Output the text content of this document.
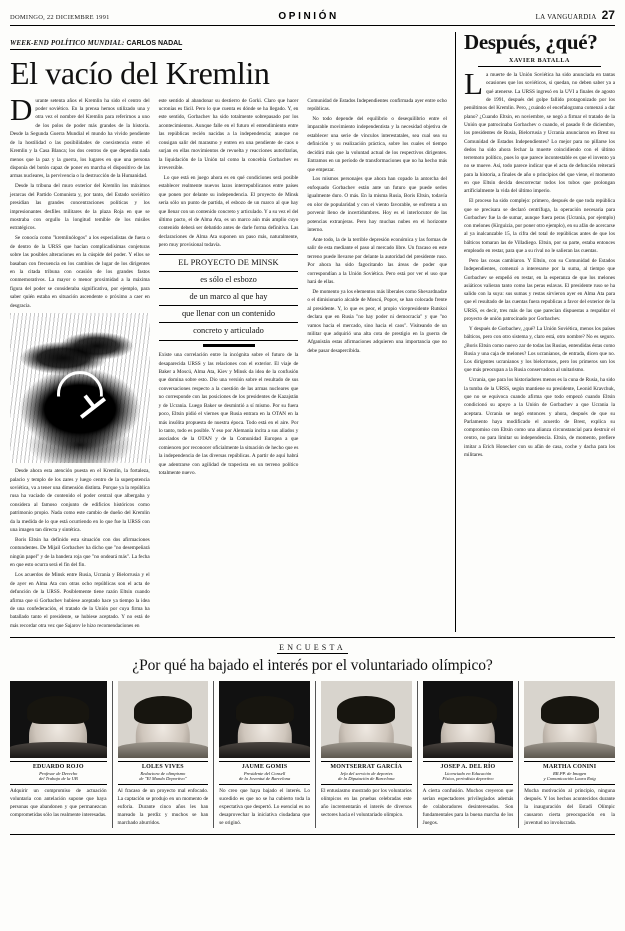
DOMINGO, 22 DICIEMBRE 1991	OPINIÓN	LA VANGUARDIA 27
WEEK-END POLÍTICO MUNDIAL: CARLOS NADAL
El vacío del Kremlin

Durante setenta años el Kremlin ha sido el centro del poder soviético. En la prensa hemos utilizado una y otra vez el nombre del Kremlin para referirnos a uno de los polos de poder más grandes de la historia. Desde la Segunda Guerra Mundial el mundo ha vivido pendiente de la hostilidad o las posibilidades de coexistencia entre el Kremlin y la Casa Blanca; los dos centros de que dependía nada menos que la paz y la guerra, los lugares en que una persona disponía del botón capaz de poner en marcha el dispositivo de las armas nucleares, la pervivencia o la destrucción de la Humanidad.

Desde la tribuna del muro exterior del Kremlin los máximos jerarcas del Partido Comunista y, por tanto, del Estado soviético presidían las grandes concentraciones políticas y los impresionantes desfiles militares de la plaza Roja en que se mostraba con orgullo la longitud temible de los misiles estratégicos.

Se conocía como "kremlinólogos" a los especialistas de fuera o de dentro de la URSS que hacían complicadísimas conjeturas sobre las posibles alteraciones en la cúspide del poder. Y ellos se basaban con frecuencia en los cambios de lugar de los dirigentes en la citada tribuna con ocasión de los grandes fastos conmemorativos. La mayor o menor proximidad a la máxima figura del poder se consideraba significativa, por ejemplo, para saber quién estaba en situación ascendente o próximo a caer en desgracia.

Desde ahora esta atención puesta en el Kremlin, la fortaleza, palacio y templo de los zares y luego centro de la superpotencia soviética, va a tener una dimensión distinta. Porque ya la república rusa ha vaciado de contenido el poder central que albergaba y considera al famoso conjunto de edificios históricos como patrimonio propio. Nada como este cambio de dueño del Kremlin da la medida de lo que está ocurriendo en lo que fue la URSS con una imagen tan directa y sintética.

Boris Eltsin ha definido esta situación con dos afirmaciones contundentes. De Mijail Gorbachev ha dicho que "no desempeñará ningún papel" y de la bandera roja que "no ondeará más". La fecha en que esto ocurra será el fin del fin.

Los acuerdos de Minsk entre Rusia, Ucrania y Bielorrusia y el de ayer en Alma Ata con otras ocho repúblicas son el acta de defunción de la URSS. Posiblemente tiene razón Eltsin cuando afirma que si Gorbachev hubiese aceptado hace ya tiempo la idea de una confederación, el tratado de la Unión por cuya firma ha batallado tanto el presidente, se hubiese aceptado. Y no está de más recordar otra vez que Sajarov le hizo recomendaciones en

este sentido al abandonar su destierro de Gorki. Claro que hacer ucronías es fácil. Pero lo que cuenta es dónde se ha llegado. Y, en este sentido, Gorbachev ha sido totalmente sobrepasado por los acontecimientos. Aunque falle en el futuro el entendimiento entre las repúblicas recién nacidas a la independencia; aunque no consigan salir del marasmo y entren en una pendiente de caos o surjan en ellas movimientos de revuelta y reacciones autoritarias, la liquidación de la Unión tal como la concebía Gorbachev es irreversible.

Lo que está en juego ahora es en qué condiciones será posible establecer realmente nuevos lazos interrepublicanos entre países que ponen por delante su independencia. El proyecto de Minsk sería sólo un punto de partida, el esbozo de un marco al que hay que llenar con un contenido concreto y articulado. Y a su vez el del último pacto, el de Alma Ata, es un marco aún más amplio cuyo contenido deberá ser debatido antes de darle forma definitiva. Las declaraciones de Alma Ata suponen un paso más, naturalmente, pero muy provisional todavía.

EL PROYECTO DE MINSK
es sólo el esbozo
de un marco al que hay
que llenar con un contenido
concreto y articulado

Existe una correlación entre la incógnita sobre el futuro de la desaparecida URSS y las relaciones con el exterior. El viaje de Baker a Moscú, Alma Ata, Kiev y Minsk da idea de la confusión que domina sobre esto. Dio una versión sobre el resultado de sus conversaciones respecto a la cuestión de las armas nucleares que no corresponde con las posiciones de los presidentes de Kazajstán y de Ucrania. Luego Baker se desmintió a sí mismo. Por su fuera poco, Eltsin pidió el viernes que Rusia entrara en la OTAN en la más insólita propuesta de nuestra época. Todo está en el aire. Por lo tanto, todo es posible. Y eso por Alemania incita a sus aliados y asociados de la OTAN y de la Comunidad Europea a que comiencen por reconocer oficialmente la situación de hecho que es la independencia de las diversas repúblicas. A partir de aquí habrá que adentrarse con agilidad de trapecista en un terreno político totalmente nuevo.

Comunidad de Estados Independientes confirmada ayer entre ocho repúblicas.

No todo depende del equilibrio o desequilibrio entre el imparable movimiento independentista y la necesidad objetiva de establecer una serie de vínculos interestatales, sea cual sea su definición y su realización práctica, sobre los cuales el tiempo decidirá más que la voluntad actual de los respectivos dirigentes. Entramos en un período de transformaciones que no ha hecho más que empezar.

Los mismos personajes que ahora han copado la antorcha del enfoquado Gorbachev están ante un futuro que puede serles igualmente duro. O más. En la misma Rusia, Boris Eltsin, todavía en olor de popularidad y con el viento favorable, se enfrenta a un porvenir lleno de incertidumbres. Hoy es el interlocutor de las potencias extranjeras. Pero hay muchas nubes en el horizonte interno.

Ante todo, la de la terrible depresión económica y las formas de salir de esta mediante el paso al mercado libre. Un fracaso en este terreno puede llevarse por delante la autoridad del presidente ruso. Por ahora ha sido fagocitando las áreas de poder que correspondían a la Unión Soviética. Pero está por ver el uso que hará de ellas.

De momento ya los elementos más liberales como Shevardnadze o el dimisionario alcalde de Moscú, Popov, se han colocado frente al presidente. Y, lo que es peor, el propio vicepresidente Rutskoi declara que en Rusia "no hay poder ni democracia" y que "no vamos hacia el mercado, sino hacia el caos". Visiteando de un militar que adquirió una alta cota de prestigio en la guerra de Afganistán estas afirmaciones adquieren una importancia que no debe pasar desapercibida.

Después, ¿qué?
XAVIER BATALLA

La muerte de la Unión Soviética ha sido anunciada en tantas ocasiones que los soviéticos, si quedan, no deben saber ya a qué atenerse. La URSS ingresó en la UVI a finales de agosto de 1991, después del golpe fallido protagonizado por los penúltimos del Kremlin. Pero, ¿cuándo el encefalograma comenzó a dar plano? ¿Cuando Eltsin, en noviembre, se negó a firmar el tratado de la Unión que patrocinaba Gorbachev o cuando, el pasado 8 de diciembre, los presidentes de Rusia, Bielorrusia y Ucrania anunciaron en Brest su Comunidad de Estados Independientes? Lo mejor para no pillarse los dedos ha sido ahora fechar la muerte coincidiendo con el último terremoto político, pues lo que parece incontestable es que el invento ya no se mueve. Así, todo parece indicar que el acta de defunción reiterará para la historia, a finales de año o principios del que viene, el momento en que Eltsin decida descorrectar todos los tubos que prolongan artificialmente la vida del último imperio.

El proceso ha sido complejo: primero, después de que toda república que se precisara se declaró centrífuga, la operación necesaria para Gorbachev fue la de sumar, aunque fuera peras (Ucrania, por ejemplo) con melones (Kirguizia, por poner otro ejemplo), en su afán de acercarse al ya inalcanzable 15, la cifra del total de repúblicas antes de que los bálticos tomaran las de Villadiego. Eltsin, por su parte, estaba entonces empleado en restar, para que a su rival no le salieran las cuentas.

Pero las cosas cambiaron. Y Eltsin, con su Comunidad de Estados Independientes, comenzó a interesarse por la suma, al tiempo que Gorbachev se empeñó en restar, en la esperanza de que los melones asiáticos valieran tanto como las peras eslavas. El presidente ruso se ha salido con la suya: sus sumas y restas sirvieron ayer en Alma Ata para que el resultado de las cuentas fuera republicas a favor del exterior de la URSS, es decir, tres más de las que parecían dispuestas a respaldar el proyecto de unión patrocinado por Gorbachev.

Y después de Gorbachev, ¿qué? La Unión Soviética, menos los países bálticos, pero con otro sistema y, claro está, otro nombre? No es seguro. ¿Boris Eltsin como nuevo zar de todas las Rusias, entendidas éstas como Rusia y una caja de melones? Los ucranianos, de entrada, dicen que no. Los dirigentes ucranianos y los bielorrusos, pero los primeros son los que más preocupan a la Rusia conservadora al unitarismo.

Ucrania, que para los historiadores menos es la cuna de Rusia, ha sido la tumba de la URSS, según mantiene su presidente, Leonid Kravchuk, que no se equivoca cuando afirma que todo empezó cuando Eltsin condicionó su apoyo a la Unión de Gorbachev a que Ucrania la aceptara. Ucrania se negó entonces y ahora, después de que su Parlamento haya modificado el acuerdo de Brest, explica su compromiso con Eltsin como una alianza circunstancial para destruir el centro, no para limitar su independencia. Eltsin, de momento, prefiere imitar a Erich Honecker con su afán de casa, coche y dacha para los militares.

ENCUESTA
¿Por qué ha bajado el interés por el voluntariado olímpico?
EDUARDO ROJO
Profesor de Derecho
del Trabajo de la UB
Adquirir un compromiso de actuación voluntaria con antelación supone que haya personas que abandonen y que permanezcan comprometidas sólo las realmente interesadas.
LOLES VIVES
Redactora de olimpismo
de "El Mundo Deportivo"
Al fracaso de un proyecto mal enfocado. La captación se produjo en un momento de euforia. Durante cinco años les han mareado la perdiz y muchos se han marchado aburridos.
JAUME GOMIS
Presidente del Consell
de la Joventut de Barcelona
No creo que haya bajado el interés. Lo sucedido es que no se ha cubierto toda la expectativa que despertó. Lo esencial es no desaprovechar la iniciativa ciudadana que se originó.
MONTSERRAT GARCÍA
Jefa del servicio de deportes
de la Diputación de Barcelona
El entusiasmo mostrado por los voluntarios olímpicos en las pruebas celebradas este año incrementarán el interés de diversos sectores hacia el voluntariado olímpico.
JOSEP A. DEL RÍO
Licenciado en Educación
Física, periodista deportivo
A cierta confusión. Muchos creyeron que serían espectadores privilegiados además de colaboradores desinteresados. Son fundamentales para la buena marcha de los Juegos.
MARTHA CONINI
RR.PP. de Imagen
y Comunicación Laura Roig
Mucha motivación al principio, ninguna después. Y los hechos acontecidos durante la inauguración del Estadi Olímpic causaron cierta preocupación en la juventud no involucrada.
